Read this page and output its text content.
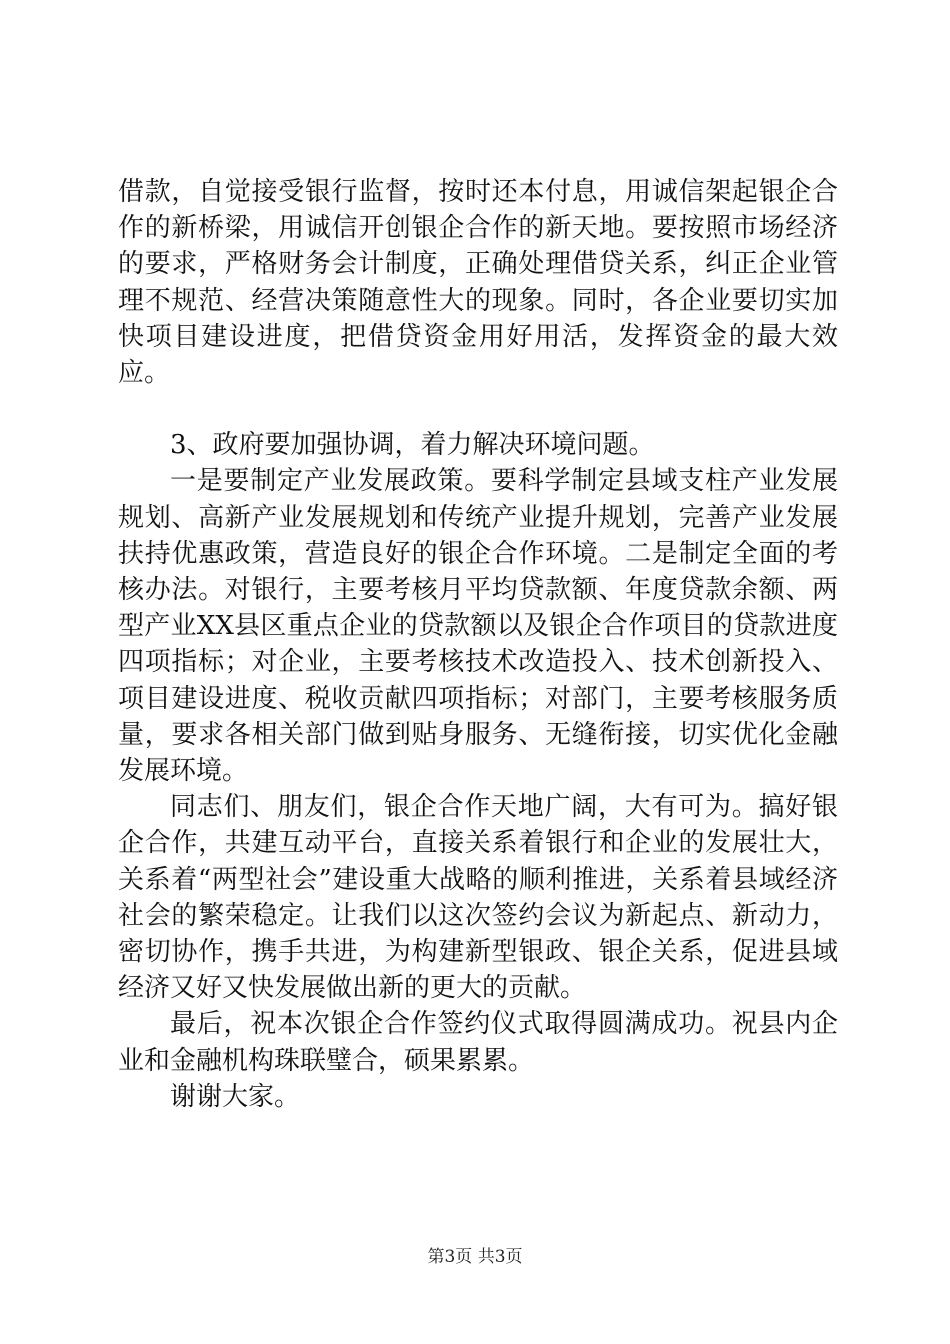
借款，自觉接受银行监督，按时还本付息，用诚信架起银企合作的新桥梁，用诚信开创银企合作的新天地。要按照市场经济的要求，严格财务会计制度，正确处理借贷关系，纠正企业管理不规范、经营决策随意性大的现象。同时，各企业要切实加快项目建设进度，把借贷资金用好用活，发挥资金的最大效应。

3、政府要加强协调，着力解决环境问题。

一是要制定产业发展政策。要科学制定县域支柱产业发展规划、高新产业发展规划和传统产业提升规划，完善产业发展扶持优惠政策，营造良好的银企合作环境。二是制定全面的考核办法。对银行，主要考核月平均贷款额、年度贷款余额、两型产业XX县区重点企业的贷款额以及银企合作项目的贷款进度四项指标；对企业，主要考核技术改造投入、技术创新投入、项目建设进度、税收贡献四项指标；对部门，主要考核服务质量，要求各相关部门做到贴身服务、无缝衔接，切实优化金融发展环境。

同志们、朋友们，银企合作天地广阔，大有可为。搞好银企合作，共建互动平台，直接关系着银行和企业的发展壮大，关系着“两型社会”建设重大战略的顺利推进，关系着县域经济社会的繁荣稳定。让我们以这次签约会议为新起点、新动力，密切协作，携手共进，为构建新型银政、银企关系，促进县域经济又好又快发展做出新的更大的贡献。

最后，祝本次银企合作签约仪式取得圆满成功。祝县内企业和金融机构珠联璧合，硕果累累。

谢谢大家。

第3页 共3页
